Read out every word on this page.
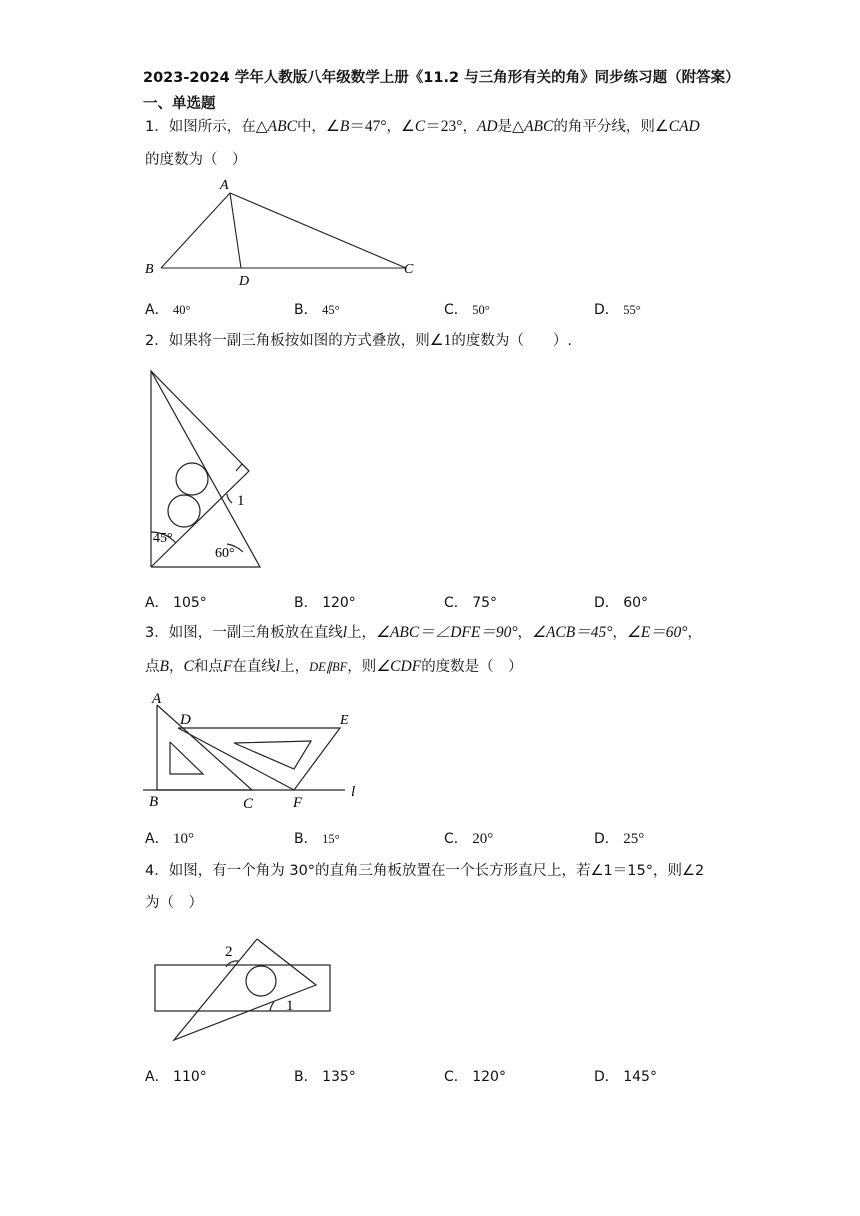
2023-2024 学年人教版八年级数学上册《11.2 与三角形有关的角》同步练习题（附答案）
一、单选题
1．如图所示，在△ABC中，∠B＝47°，∠C＝23°，AD是△ABC的角平分线，则∠CAD
的度数为（　）
A
B	C
D
A． 40°	B． 45°	C． 50°	D． 55°
2．如果将一副三角板按如图的方式叠放，则∠1的度数为（　　）.
1
45°
60°
A． 105°	B． 120°	C． 75°	D． 60°
3．如图，一副三角板放在直线l上，∠ABC＝∠DFE＝90°，∠ACB＝45°，∠E＝60°，
点B，C和点F在直线l上，DE∥BF，则∠CDF的度数是（　）
A
D	E
B	C	F
l
A． 10°	B． 15°	C． 20°	D． 25°
4．如图，有一个角为 30°的直角三角板放置在一个长方形直尺上，若∠1＝15°，则∠2
为（　）
2
1
A． 110°	B． 135°	C． 120°	D． 145°
